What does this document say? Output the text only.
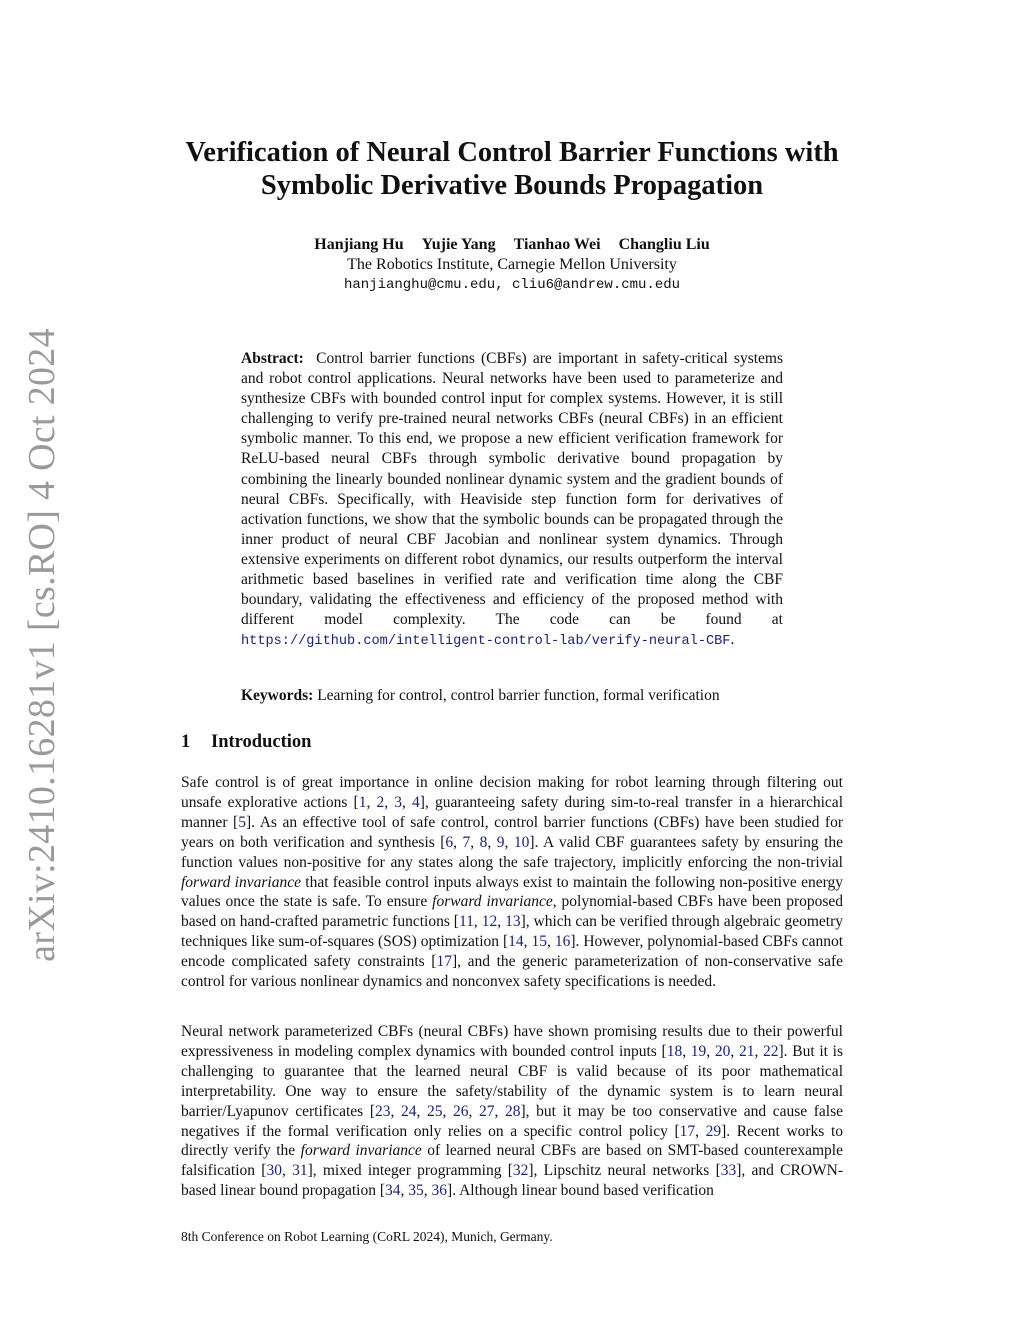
arXiv:2410.16281v1 [cs.RO] 4 Oct 2024
Verification of Neural Control Barrier Functions with
Symbolic Derivative Bounds Propagation
Hanjiang Hu Yujie Yang Tianhao Wei Changliu Liu
The Robotics Institute, Carnegie Mellon University
hanjianghu@cmu.edu, cliu6@andrew.cmu.edu

Abstract: Control barrier functions (CBFs) are important in safety-critical systems and robot control applications. Neural networks have been used to parameterize and synthesize CBFs with bounded control input for complex systems. However, it is still challenging to verify pre-trained neural networks CBFs (neural CBFs) in an efficient symbolic manner. To this end, we propose a new efficient verification framework for ReLU-based neural CBFs through symbolic derivative bound propagation by combining the linearly bounded nonlinear dynamic system and the gradient bounds of neural CBFs. Specifically, with Heaviside step function form for derivatives of activation functions, we show that the symbolic bounds can be propagated through the inner product of neural CBF Jacobian and nonlinear system dynamics. Through extensive experiments on different robot dynamics, our results outperform the interval arithmetic based baselines in verified rate and verification time along the CBF boundary, validating the effectiveness and efficiency of the proposed method with different model complexity. The code can be found at https://github.com/intelligent-control-lab/verify-neural-CBF.

Keywords: Learning for control, control barrier function, formal verification
1 Introduction

Safe control is of great importance in online decision making for robot learning through filtering out unsafe explorative actions [1, 2, 3, 4], guaranteeing safety during sim-to-real transfer in a hierarchical manner [5]. As an effective tool of safe control, control barrier functions (CBFs) have been studied for years on both verification and synthesis [6, 7, 8, 9, 10]. A valid CBF guarantees safety by ensuring the function values non-positive for any states along the safe trajectory, implicitly enforcing the non-trivial forward invariance that feasible control inputs always exist to maintain the following non-positive energy values once the state is safe. To ensure forward invariance, polynomial-based CBFs have been proposed based on hand-crafted parametric functions [11, 12, 13], which can be verified through algebraic geometry techniques like sum-of-squares (SOS) optimization [14, 15, 16]. However, polynomial-based CBFs cannot encode complicated safety constraints [17], and the generic parameterization of non-conservative safe control for various nonlinear dynamics and nonconvex safety specifications is needed.

Neural network parameterized CBFs (neural CBFs) have shown promising results due to their powerful expressiveness in modeling complex dynamics with bounded control inputs [18, 19, 20, 21, 22]. But it is challenging to guarantee that the learned neural CBF is valid because of its poor mathematical interpretability. One way to ensure the safety/stability of the dynamic system is to learn neural barrier/Lyapunov certificates [23, 24, 25, 26, 27, 28], but it may be too conservative and cause false negatives if the formal verification only relies on a specific control policy [17, 29]. Recent works to directly verify the forward invariance of learned neural CBFs are based on SMT-based counterexample falsification [30, 31], mixed integer programming [32], Lipschitz neural networks [33], and CROWN-based linear bound propagation [34, 35, 36]. Although linear bound based verification

8th Conference on Robot Learning (CoRL 2024), Munich, Germany.
